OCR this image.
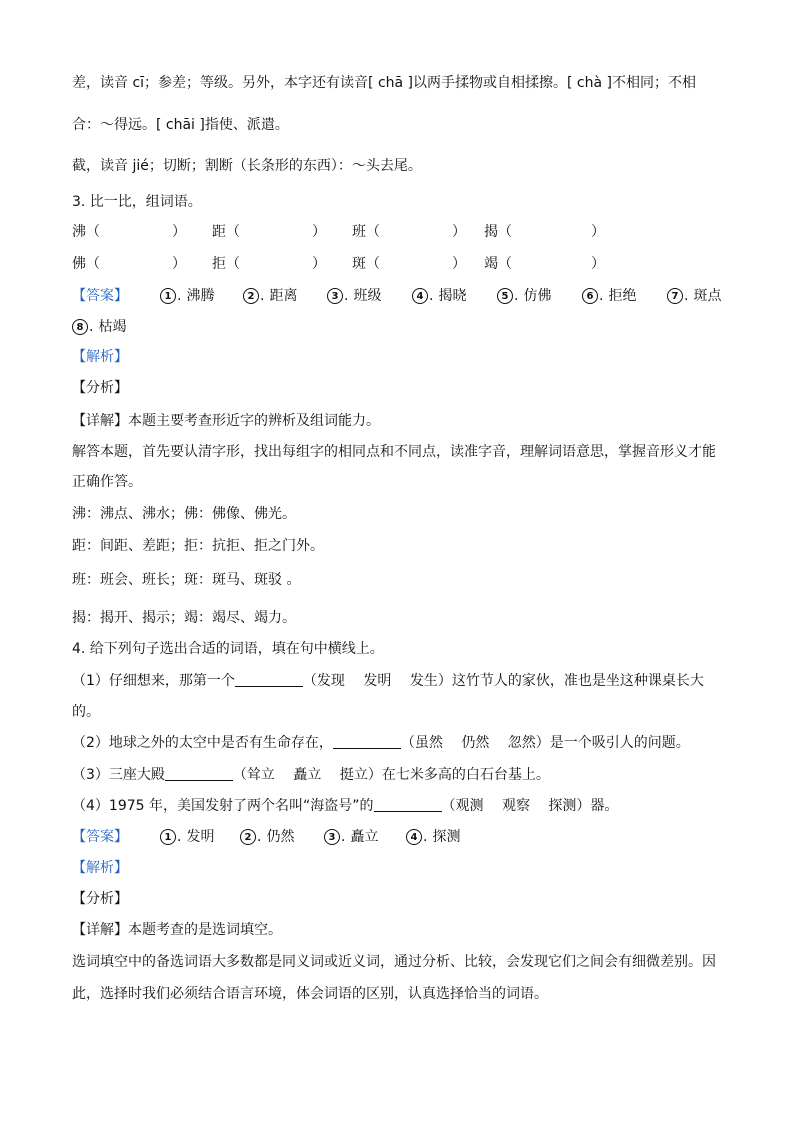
差，读音 cī；参差；等级。另外，本字还有读音[ chā ]以两手揉物或自相揉擦。[ chà ]不相同；不相
合：～得远。[ chāi ]指使、派遣。
截，读音 jié；切断；割断（长条形的东西）：～头去尾。
3. 比一比，组词语。
沸（	） 距（	） 班（	） 揭（	）
佛（	） 拒（	） 斑（	） 竭（	）
【答案】	1 . 沸腾	2 . 距离	3 . 班级	4 . 揭晓	5 . 仿佛	6 . 拒绝	7 . 斑点
8 . 枯竭
【解析】
【分析】
【详解】本题主要考查形近字的辨析及组词能力。
解答本题，首先要认清字形，找出每组字的相同点和不同点，读准字音，理解词语意思，掌握音形义才能
正确作答。
沸：沸点、沸水；佛：佛像、佛光。
距：间距、差距；拒：抗拒、拒之门外。
班：班会、班长；斑：斑马、斑驳 。
揭：揭开、揭示；竭：竭尽、竭力。
4. 给下列句子选出合适的词语，填在句中横线上。
（1）仔细想来，那第一个	（发现　 发明　 发生）这竹节人的家伙，准也是坐这种课桌长大
的。
（2）地球之外的太空中是否有生命存在，	（虽然　 仍然　 忽然）是一个吸引人的问题。
（3）三座大殿	（耸立　 矗立　 挺立）在七米多高的白石台基上。
（4）1975 年，美国发射了两个名叫“海盗号”的	（观测　 观察　 探测）器。
【答案】	1 . 发明	2 . 仍然	3 . 矗立	4 . 探测
【解析】
【分析】
【详解】本题考查的是选词填空。
选词填空中的备选词语大多数都是同义词或近义词，通过分析、比较，会发现它们之间会有细微差别。因
此，选择时我们必须结合语言环境，体会词语的区别，认真选择恰当的词语。
